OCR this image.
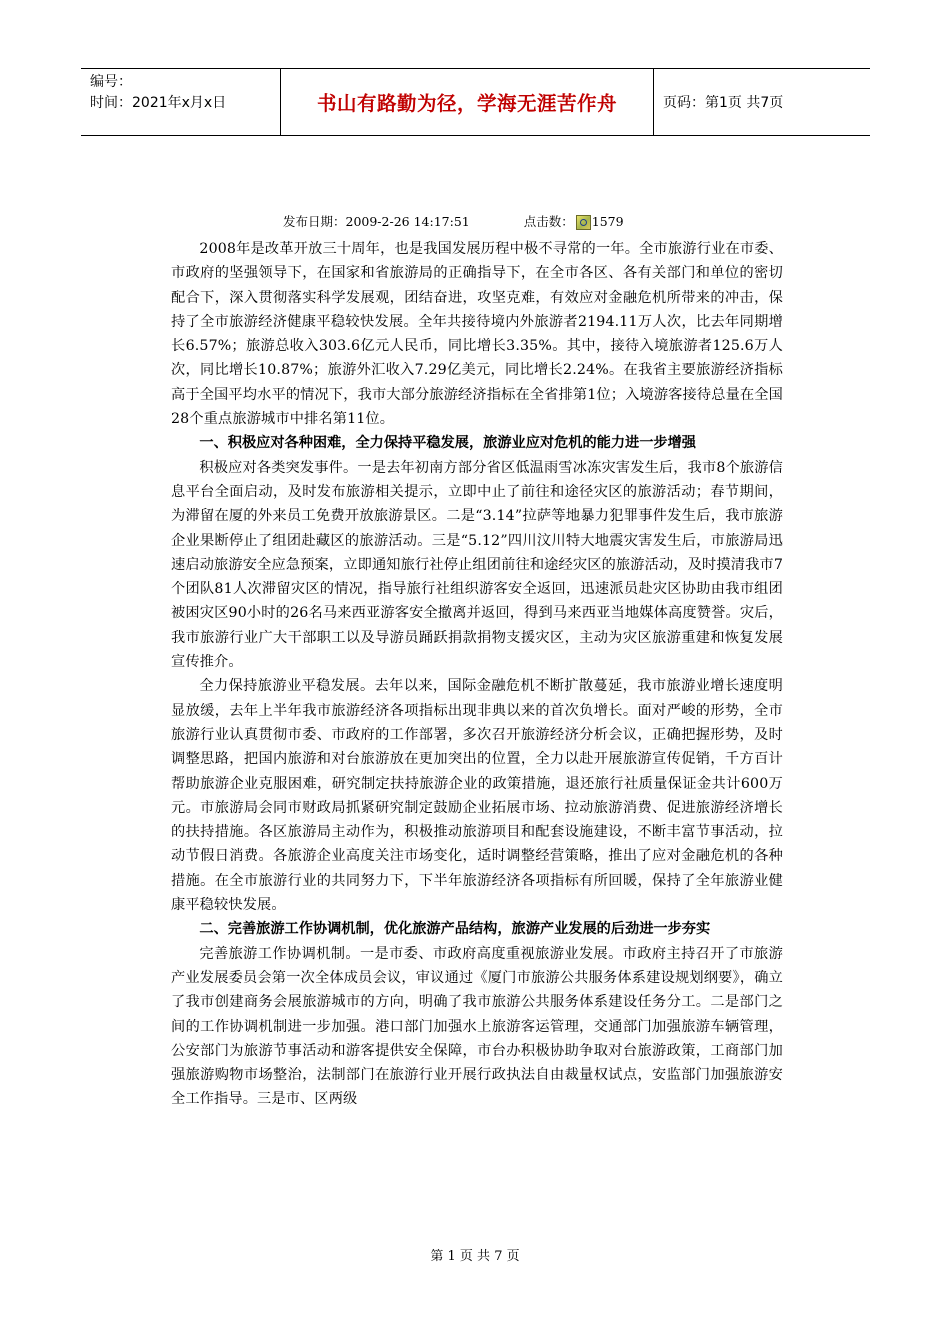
编号：
时间：2021年x月x日	书山有路勤为径，学海无涯苦作舟	页码：第1页 共7页
发布日期：2009-2-26 14:17:51	点击数： 1579

2008年是改革开放三十周年，也是我国发展历程中极不寻常的一年。全市旅游行业在市委、市政府的坚强领导下，在国家和省旅游局的正确指导下，在全市各区、各有关部门和单位的密切配合下，深入贯彻落实科学发展观，团结奋进，攻坚克难，有效应对金融危机所带来的冲击，保持了全市旅游经济健康平稳较快发展。全年共接待境内外旅游者2194.11万人次，比去年同期增长6.57%；旅游总收入303.6亿元人民币，同比增长3.35%。其中，接待入境旅游者125.6万人次，同比增长10.87%；旅游外汇收入7.29亿美元，同比增长2.24%。在我省主要旅游经济指标高于全国平均水平的情况下，我市大部分旅游经济指标在全省排第1位；入境游客接待总量在全国28个重点旅游城市中排名第11位。

一、积极应对各种困难，全力保持平稳发展，旅游业应对危机的能力进一步增强

积极应对各类突发事件。一是去年初南方部分省区低温雨雪冰冻灾害发生后，我市8个旅游信息平台全面启动，及时发布旅游相关提示，立即中止了前往和途径灾区的旅游活动；春节期间，为滞留在厦的外来员工免费开放旅游景区。二是“3.14”拉萨等地暴力犯罪事件发生后，我市旅游企业果断停止了组团赴藏区的旅游活动。三是“5.12”四川汶川特大地震灾害发生后，市旅游局迅速启动旅游安全应急预案，立即通知旅行社停止组团前往和途经灾区的旅游活动，及时摸清我市7个团队81人次滞留灾区的情况，指导旅行社组织游客安全返回，迅速派员赴灾区协助由我市组团被困灾区90小时的26名马来西亚游客安全撤离并返回，得到马来西亚当地媒体高度赞誉。灾后，我市旅游行业广大干部职工以及导游员踊跃捐款捐物支援灾区，主动为灾区旅游重建和恢复发展宣传推介。

全力保持旅游业平稳发展。去年以来，国际金融危机不断扩散蔓延，我市旅游业增长速度明显放缓，去年上半年我市旅游经济各项指标出现非典以来的首次负增长。面对严峻的形势，全市旅游行业认真贯彻市委、市政府的工作部署，多次召开旅游经济分析会议，正确把握形势，及时调整思路，把国内旅游和对台旅游放在更加突出的位置，全力以赴开展旅游宣传促销，千方百计帮助旅游企业克服困难，研究制定扶持旅游企业的政策措施，退还旅行社质量保证金共计600万元。市旅游局会同市财政局抓紧研究制定鼓励企业拓展市场、拉动旅游消费、促进旅游经济增长的扶持措施。各区旅游局主动作为，积极推动旅游项目和配套设施建设，不断丰富节事活动，拉动节假日消费。各旅游企业高度关注市场变化，适时调整经营策略，推出了应对金融危机的各种措施。在全市旅游行业的共同努力下，下半年旅游经济各项指标有所回暖，保持了全年旅游业健康平稳较快发展。

二、完善旅游工作协调机制，优化旅游产品结构，旅游产业发展的后劲进一步夯实

完善旅游工作协调机制。一是市委、市政府高度重视旅游业发展。市政府主持召开了市旅游产业发展委员会第一次全体成员会议，审议通过《厦门市旅游公共服务体系建设规划纲要》，确立了我市创建商务会展旅游城市的方向，明确了我市旅游公共服务体系建设任务分工。二是部门之间的工作协调机制进一步加强。港口部门加强水上旅游客运管理，交通部门加强旅游车辆管理，公安部门为旅游节事活动和游客提供安全保障，市台办积极协助争取对台旅游政策，工商部门加强旅游购物市场整治，法制部门在旅游行业开展行政执法自由裁量权试点，安监部门加强旅游安全工作指导。三是市、区两级

第 1 页 共 7 页
